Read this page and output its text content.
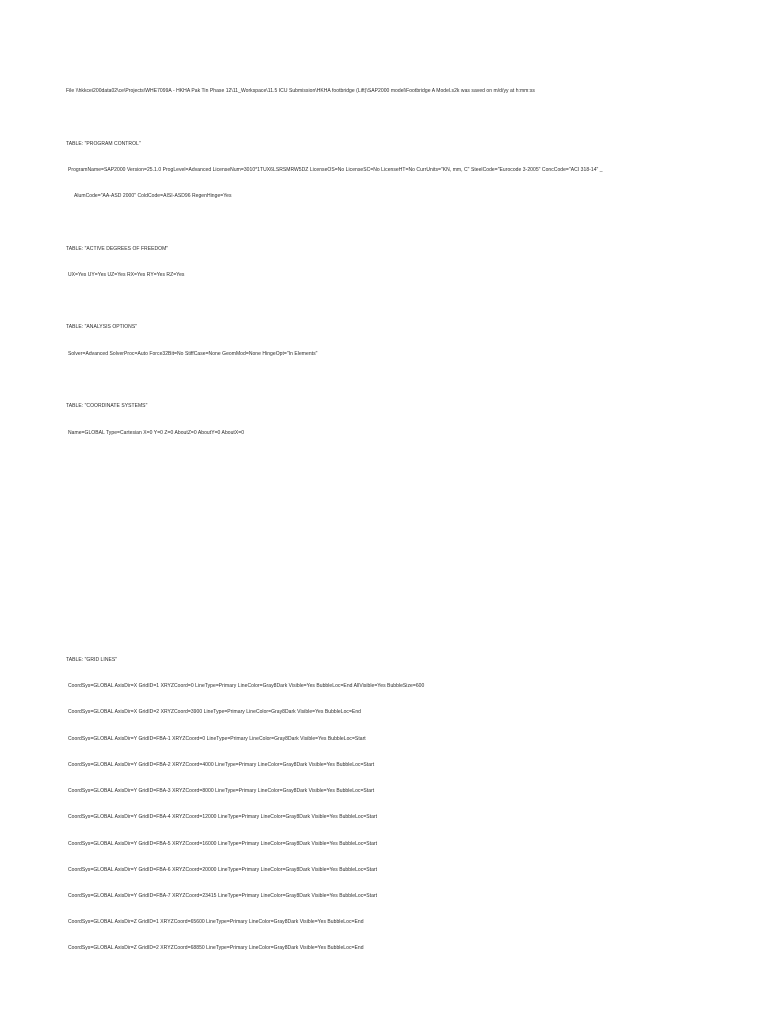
File \\hkkcei200data02\ce\Projects\WHE7099A - HKHA Pak Tin Phase 12\11_Workspace\11.5 ICU Submission\HKHA footbridge (Lift)\SAP2000 model\Footbridge A Model.s2k was saved on m/d/yy at h:mm:ss
TABLE: "PROGRAM CONTROL"
ProgramName=SAP2000 Version=25.1.0 ProgLevel=Advanced LicenseNum=3010*1TUX6LSRSMRW5DZ LicenseOS=No LicenseSC=No LicenseHT=No CurrUnits="KN, mm, C" SteelCode="Eurocode 3-2005" ConcCode="ACI 318-14" _
AlumCode="AA-ASD 2000" ColdCode=AISI-ASD96 RegenHinge=Yes
TABLE: "ACTIVE DEGREES OF FREEDOM"
UX=Yes UY=Yes UZ=Yes RX=Yes RY=Yes RZ=Yes
TABLE: "ANALYSIS OPTIONS"
Solver=Advanced SolverProc=Auto Force32Bit=No StiffCase=None GeomMod=None HingeOpt="In Elements"
TABLE: "COORDINATE SYSTEMS"
Name=GLOBAL Type=Cartesian X=0 Y=0 Z=0 AboutZ=0 AboutY=0 AboutX=0
TABLE: "GRID LINES"
CoordSys=GLOBAL AxisDir=X GridID=1 XRYZCoord=0 LineType=Primary LineColor=Gray8Dark Visible=Yes BubbleLoc=End AllVisible=Yes BubbleSize=600
CoordSys=GLOBAL AxisDir=X GridID=2 XRYZCoord=3900 LineType=Primary LineColor=Gray8Dark Visible=Yes BubbleLoc=End
CoordSys=GLOBAL AxisDir=Y GridID=FBA-1 XRYZCoord=0 LineType=Primary LineColor=Gray8Dark Visible=Yes BubbleLoc=Start
CoordSys=GLOBAL AxisDir=Y GridID=FBA-2 XRYZCoord=4000 LineType=Primary LineColor=Gray8Dark Visible=Yes BubbleLoc=Start
CoordSys=GLOBAL AxisDir=Y GridID=FBA-3 XRYZCoord=8000 LineType=Primary LineColor=Gray8Dark Visible=Yes BubbleLoc=Start
CoordSys=GLOBAL AxisDir=Y GridID=FBA-4 XRYZCoord=12000 LineType=Primary LineColor=Gray8Dark Visible=Yes BubbleLoc=Start
CoordSys=GLOBAL AxisDir=Y GridID=FBA-5 XRYZCoord=16000 LineType=Primary LineColor=Gray8Dark Visible=Yes BubbleLoc=Start
CoordSys=GLOBAL AxisDir=Y GridID=FBA-6 XRYZCoord=20000 LineType=Primary LineColor=Gray8Dark Visible=Yes BubbleLoc=Start
CoordSys=GLOBAL AxisDir=Y GridID=FBA-7 XRYZCoord=23415 LineType=Primary LineColor=Gray8Dark Visible=Yes BubbleLoc=Start
CoordSys=GLOBAL AxisDir=Z GridID=1 XRYZCoord=65600 LineType=Primary LineColor=Gray8Dark Visible=Yes BubbleLoc=End
CoordSys=GLOBAL AxisDir=Z GridID=2 XRYZCoord=68850 LineType=Primary LineColor=Gray8Dark Visible=Yes BubbleLoc=End
